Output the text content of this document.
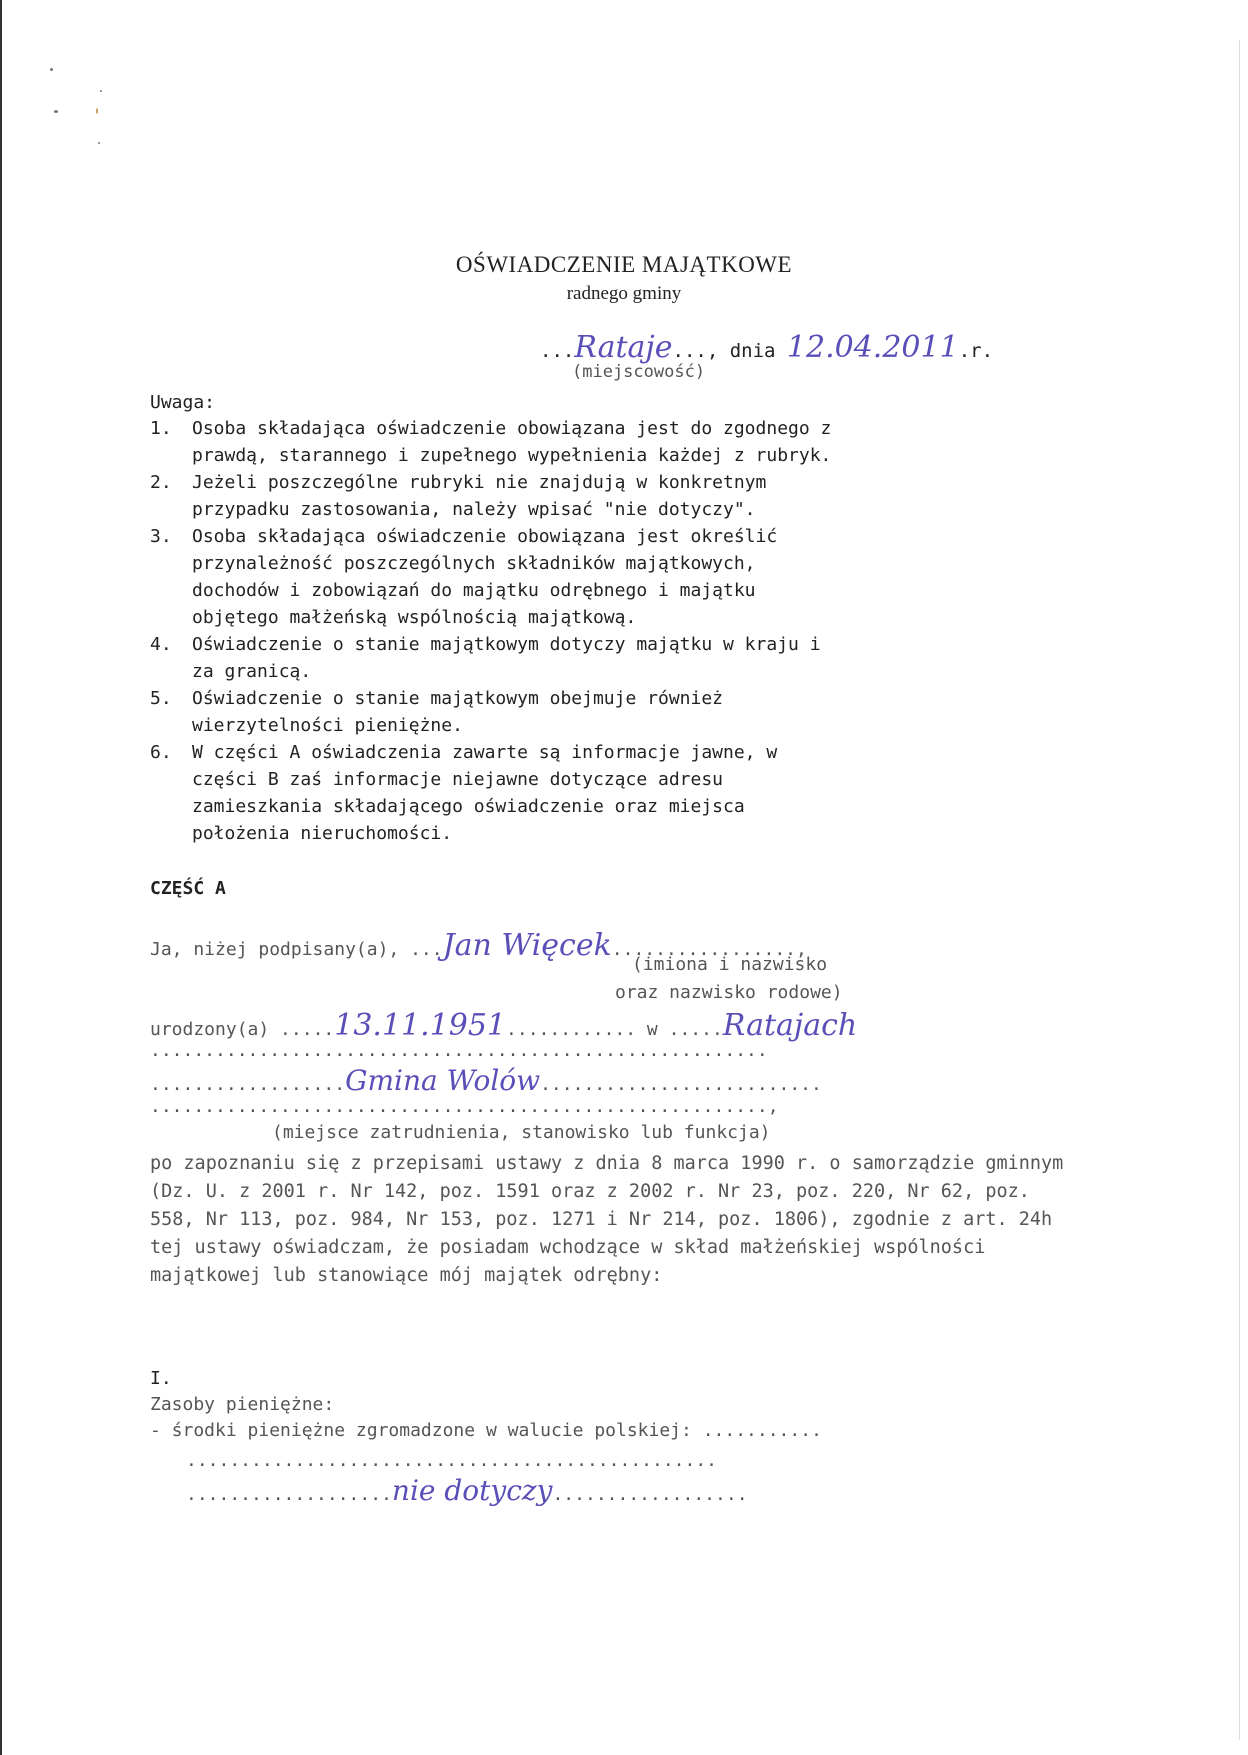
OŚWIADCZENIE MAJĄTKOWE
radnego gminy
...Rataje..., dnia 12.04.2011.r.
(miejscowość)
Uwaga:
1. Osoba składająca oświadczenie obowiązana jest do zgodnego z
prawdą, starannego i zupełnego wypełnienia każdej z rubryk.
2. Jeżeli poszczególne rubryki nie znajdują w konkretnym
przypadku zastosowania, należy wpisać "nie dotyczy".
3. Osoba składająca oświadczenie obowiązana jest określić
przynależność poszczególnych składników majątkowych,
dochodów i zobowiązań do majątku odrębnego i majątku
objętego małżeńską wspólnością majątkową.
4. Oświadczenie o stanie majątkowym dotyczy majątku w kraju i
za granicą.
5. Oświadczenie o stanie majątkowym obejmuje również
wierzytelności pieniężne.
6. W części A oświadczenia zawarte są informacje jawne, w
części B zaś informacje niejawne dotyczące adresu
zamieszkania składającego oświadczenie oraz miejsca
położenia nieruchomości.
CZĘŚĆ A
Ja, niżej podpisany(a), ...Jan Więcek.................,
(imiona i nazwisko
oraz nazwisko rodowe)
urodzony(a) .....13.11.1951............ w .....Ratajach
.........................................................
..................Gmina Wolów..........................
.........................................................,
(miejsce zatrudnienia, stanowisko lub funkcja)
po zapoznaniu się z przepisami ustawy z dnia 8 marca 1990 r. o samorządzie gminnym (Dz. U. z 2001 r. Nr 142, poz. 1591 oraz z 2002 r. Nr 23, poz. 220, Nr 62, poz. 558, Nr 113, poz. 984, Nr 153, poz. 1271 i Nr 214, poz. 1806), zgodnie z art. 24h tej ustawy oświadczam, że posiadam wchodzące w skład małżeńskiej wspólności majątkowej lub stanowiące mój majątek odrębny:
I.
Zasoby pieniężne:
- środki pieniężne zgromadzone w walucie polskiej: ...........
.................................................
...................nie dotyczy..................
